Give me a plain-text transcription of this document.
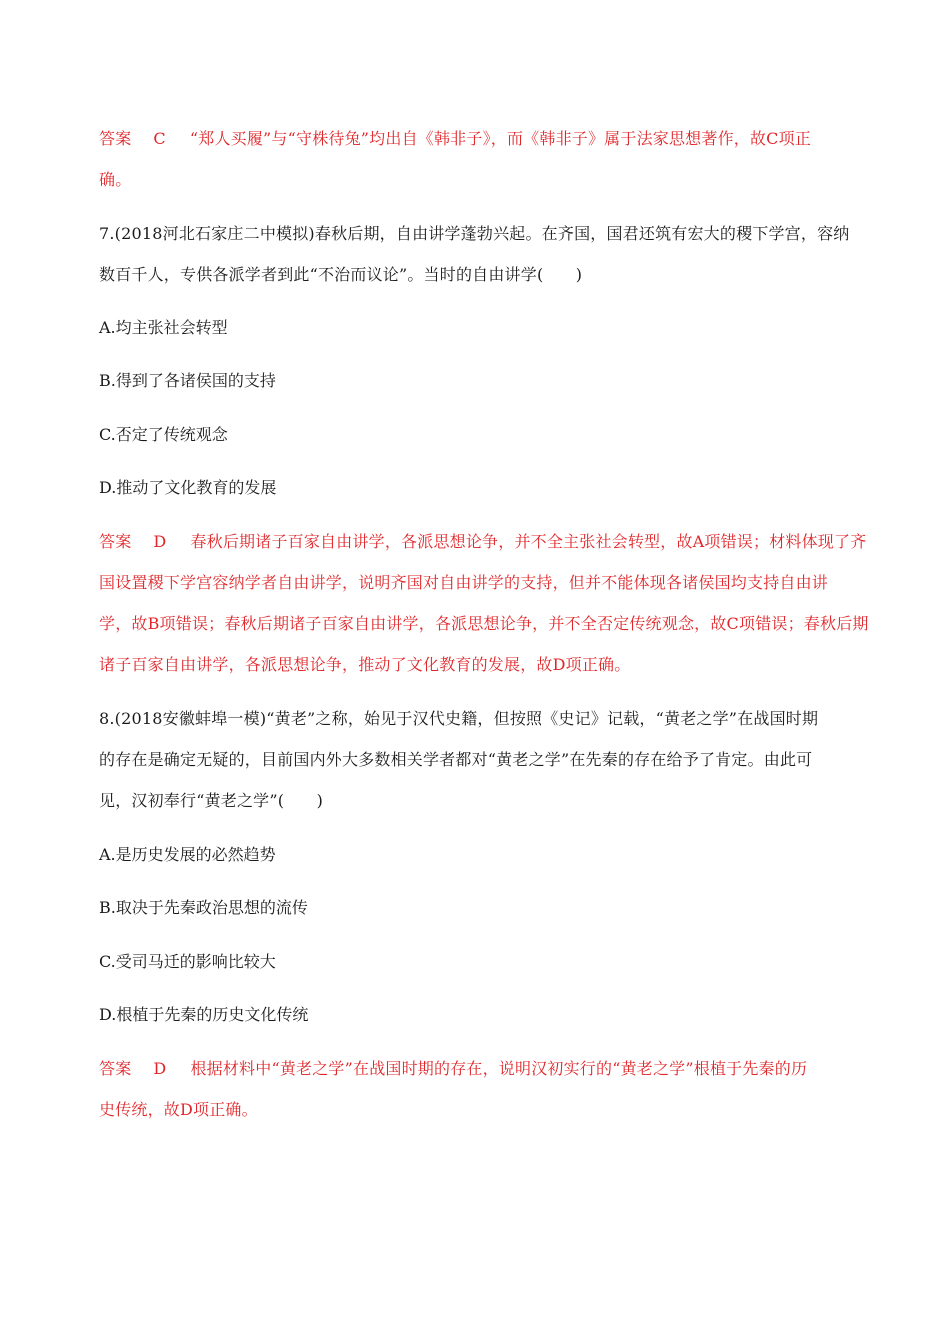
答案 C “郑人买履”与“守株待兔”均出自《韩非子》，而《韩非子》属于法家思想著作，故C项正
确。
7.(2018河北石家庄二中模拟)春秋后期，自由讲学蓬勃兴起。在齐国，国君还筑有宏大的稷下学宫，容纳
数百千人，专供各派学者到此“不治而议论”。当时的自由讲学(　　)
A.均主张社会转型
B.得到了各诸侯国的支持
C.否定了传统观念
D.推动了文化教育的发展
答案 D 春秋后期诸子百家自由讲学，各派思想论争，并不全主张社会转型，故A项错误；材料体现了齐
国设置稷下学宫容纳学者自由讲学，说明齐国对自由讲学的支持，但并不能体现各诸侯国均支持自由讲
学，故B项错误；春秋后期诸子百家自由讲学，各派思想论争，并不全否定传统观念，故C项错误；春秋后期
诸子百家自由讲学，各派思想论争，推动了文化教育的发展，故D项正确。
8.(2018安徽蚌埠一模)“黄老”之称，始见于汉代史籍，但按照《史记》记载，“黄老之学”在战国时期
的存在是确定无疑的，目前国内外大多数相关学者都对“黄老之学”在先秦的存在给予了肯定。由此可
见，汉初奉行“黄老之学”(　　)
A.是历史发展的必然趋势
B.取决于先秦政治思想的流传
C.受司马迁的影响比较大
D.根植于先秦的历史文化传统
答案 D 根据材料中“黄老之学”在战国时期的存在，说明汉初实行的“黄老之学”根植于先秦的历
史传统，故D项正确。
